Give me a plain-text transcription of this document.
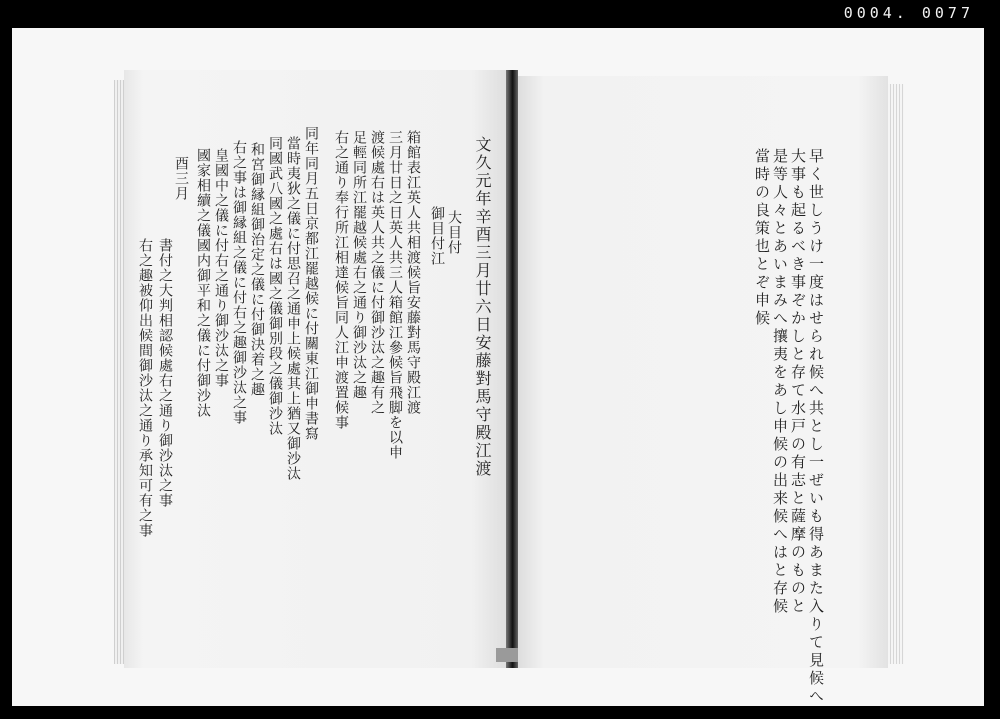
0004. 0077
文久元年辛酉三月廿六日安藤對馬守殿江渡
大目付
御目付江
箱館表江英人共相渡候旨安藤對馬守殿江渡
三月廿日之日英人共三人箱館江參候旨飛脚を以申
渡候處右は英人共之儀に付御沙汰之趣有之
足輕同所江罷越候處右之通り御沙汰之趣
右之通り奉行所江相達候旨同人江申渡置候事
同年同月五日京都江罷越候に付關東江御申書寫
當時夷狄之儀に付思召之通申上候處其上猶又御沙汰
同國武八國之處右は國之儀御別段之儀御沙汰
和宮御縁組御治定之儀に付御決着之趣
右之事は御縁組之儀に付右之趣御沙汰之事
皇國中之儀に付右之通り御沙汰之事
國家相續之儀國内御平和之儀に付御沙汰
酉三月
書付之大判相認候處右之通り御沙汰之事
右之趣被仰出候間御沙汰之通り承知可有之事	早く世しうけ一度はせられ候へ共とし一ぜいも得あまた入りて見候へ
大事も起るべき事ぞかしと存て水戸の有志と薩摩のものと
是等人々とあいまみへ攘夷をあし申候の出来候へはと存候
當時の良策也とぞ申候
